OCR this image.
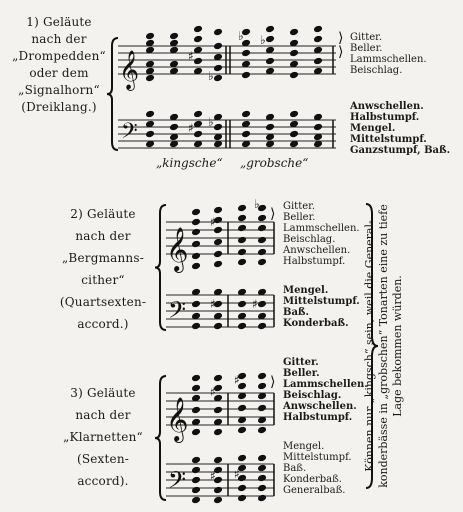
1) Geläute
nach der
„Drompedden“
oder dem
„Signalhorn“
(Dreiklang.)
2) Geläute
nach der
„Bergmanns-
cither“
(Quartsexten-
accord.)
3) Geläute
nach der
„Klarnetten“
(Sexten-
accord).
Gitter.
Beller.
Lammschellen.
Beischlag.
Anwschellen.
Halbstumpf.
Mengel.
Mittelstumpf.
Ganzstumpf, Baß.
„kingsche“ „grobsche“
Gitter.
Beller.
Lammschellen.
Beischlag.
Anwschellen.
Halbstumpf.
Mengel.
Mittelstumpf.
Baß.
Konderbaß.
Gitter.
Beller.
Lammschellen.
Beischlag.
Anwschellen.
Halbstumpf.
Mengel.
Mittelstumpf.
Baß.
Konderbaß.
Generalbaß.
Können nur „kingsch“ sein, weil die General- konderbässe in „grobschen“ Tonarten eine zu tiefe Lage bekommen würden.
𝄞
𝄢
♯
♭
♭ ♭
♯ ♭
⟩
⟩
𝄞
𝄢
♯
♭
♯	♯
⟩
𝄞
𝄢
♯
♯
♯ ♯
⟩
